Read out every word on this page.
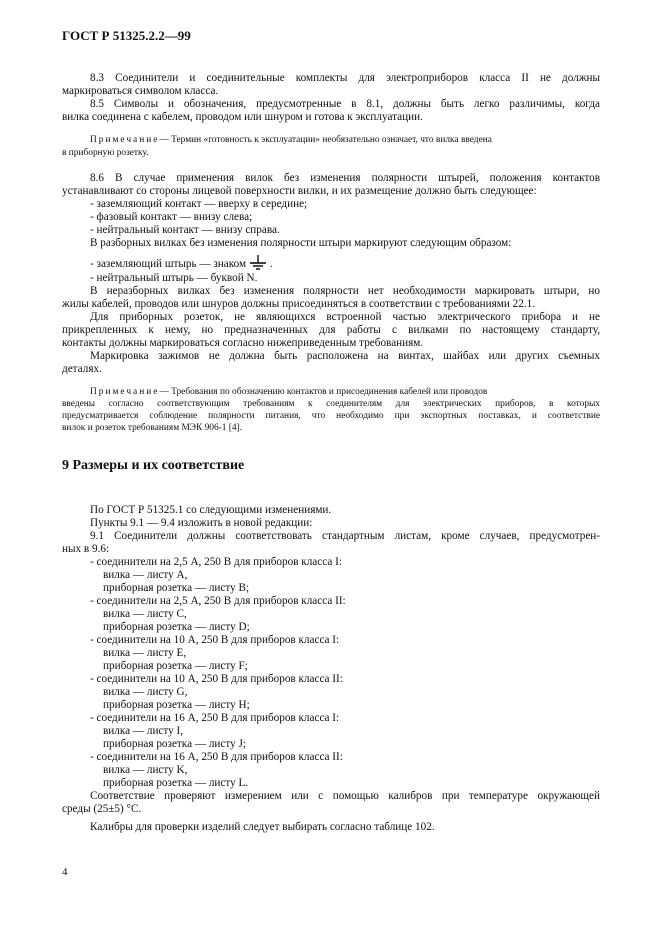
ГОСТ Р 51325.2.2—99
8.3 Соединители и соединительные комплекты для электроприборов класса II не должны
маркироваться символом класса.
8.5 Символы и обозначения, предусмотренные в 8.1, должны быть легко различимы, когда
вилка соединена с кабелем, проводом или шнуром и готова к эксплуатации.
Примечание— Термин «готовность к эксплуатации» необязательно означает, что вилка введена
в приборную розетку.
8.6 В случае применения вилок без изменения полярности штырей, положения контактов
устанавливают со стороны лицевой поверхности вилки, и их размещение должно быть следующее:
- заземляющий контакт — вверху в середине;
- фазовый контакт — внизу слева;
- нейтральный контакт — внизу справа.
В разборных вилках без изменения полярности штыри маркируют следующим образом:
- заземляющий штырь — знаком .
- нейтральный штырь — буквой N.
В неразборных вилках без изменения полярности нет необходимости маркировать штыри, но
жилы кабелей, проводов или шнуров должны присоединяться в соответствии с требованиями 22.1.
Для приборных розеток, не являющихся встроенной частью электрического прибора и не
прикрепленных к нему, но предназначенных для работы с вилками по настоящему стандарту,
контакты должны маркироваться согласно нижеприведенным требованиям.
Маркировка зажимов не должна быть расположена на винтах, шайбах или других съемных
деталях.
Примечание— Требования по обозначению контактов и присоединения кабелей или проводов
введены согласно соответствующим требованиям к соединителям для электрических приборов, в которых
предусматривается соблюдение полярности питания, что необходимо при экспортных поставках, и соответствие
вилок и розеток требованиям МЭК 906-1 [4].
9 Размеры и их соответствие
По ГОСТ Р 51325.1 со следующими изменениями.
Пункты 9.1 — 9.4 изложить в новой редакции:
9.1 Соединители должны соответствовать стандартным листам, кроме случаев, предусмотрен-
ных в 9.6:
- соединители на 2,5 А, 250 В для приборов класса I:
вилка — листу А,
приборная розетка — листу В;
- соединители на 2,5 А, 250 В для приборов класса II:
вилка — листу С,
приборная розетка — листу D;
- соединители на 10 А, 250 В для приборов класса I:
вилка — листу Е,
приборная розетка — листу F;
- соединители на 10 А, 250 В для приборов класса II:
вилка — листу G,
приборная розетка — листу Н;
- соединители на 16 А, 250 В для приборов класса I:
вилка — листу I,
приборная розетка — листу J;
- соединители на 16 А, 250 В для приборов класса II:
вилка — листу K,
приборная розетка — листу L.
Соответствие проверяют измерением или с помощью калибров при температуре окружающей
среды (25±5) °С.
Калибры для проверки изделий следует выбирать согласно таблице 102.
4
